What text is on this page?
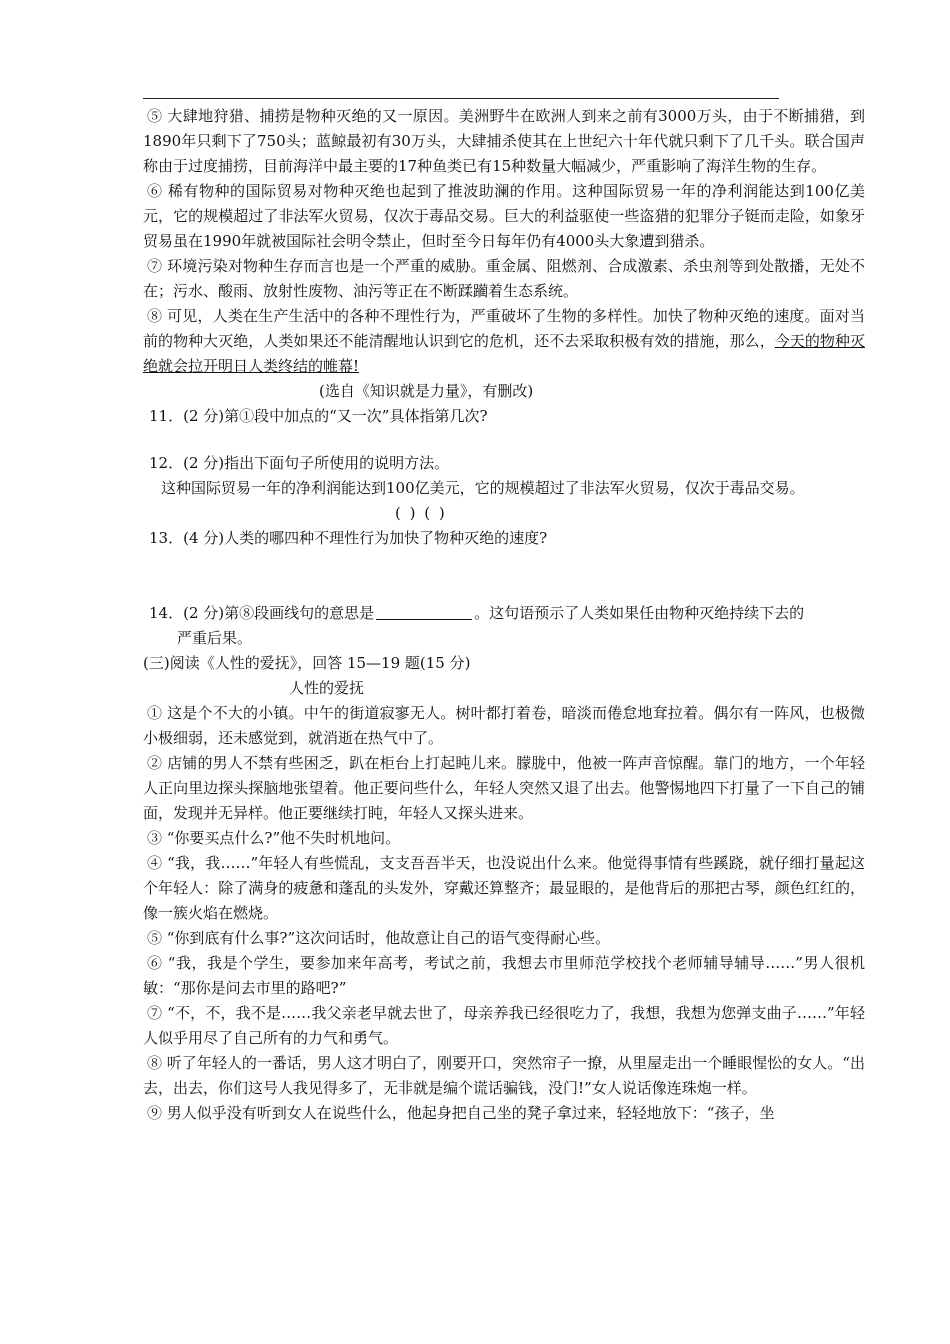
⑤ 大肆地狩猎、捕捞是物种灭绝的又一原因。美洲野牛在欧洲人到来之前有3000万头，由于不断捕猎，到1890年只剩下了750头；蓝鲸最初有30万头，大肆捕杀使其在上世纪六十年代就只剩下了几千头。联合国声称由于过度捕捞，目前海洋中最主要的17种鱼类已有15种数量大幅减少，严重影响了海洋生物的生存。

⑥ 稀有物种的国际贸易对物种灭绝也起到了推波助澜的作用。这种国际贸易一年的净利润能达到100亿美元，它的规模超过了非法军火贸易，仅次于毒品交易。巨大的利益驱使一些盗猎的犯罪分子铤而走险，如象牙贸易虽在1990年就被国际社会明令禁止，但时至今日每年仍有4000头大象遭到猎杀。

⑦ 环境污染对物种生存而言也是一个严重的威胁。重金属、阻燃剂、合成激素、杀虫剂等到处散播，无处不在；污水、酸雨、放射性废物、油污等正在不断蹂躏着生态系统。

⑧ 可见，人类在生产生活中的各种不理性行为，严重破坏了生物的多样性。加快了物种灭绝的速度。面对当前的物种大灭绝，人类如果还不能清醒地认识到它的危机，还不去采取积极有效的措施，那么，今天的物种灭绝就会拉开明日人类终结的帷幕!

(选自《知识就是力量》，有删改)

11．(2 分)第①段中加点的“又一次”具体指第几次?

12．(2 分)指出下面句子所使用的说明方法。

这种国际贸易一年的净利润能达到100亿美元，它的规模超过了非法军火贸易，仅次于毒品交易。

( ) ( )

13．(4 分)人类的哪四种不理性行为加快了物种灭绝的速度?

14．(2 分)第⑧段画线句的意思是	。这句语预示了人类如果任由物种灭绝持续下去的

严重后果。

(三)阅读《人性的爱抚》，回答 15—19 题(15 分)

人性的爱抚

① 这是个不大的小镇。中午的街道寂寥无人。树叶都打着卷，暗淡而倦怠地耷拉着。偶尔有一阵风，也极微小极细弱，还未感觉到，就消逝在热气中了。

② 店铺的男人不禁有些困乏，趴在柜台上打起盹儿来。朦胧中，他被一阵声音惊醒。靠门的地方，一个年轻人正向里边探头探脑地张望着。他正要问些什么，年轻人突然又退了出去。他警惕地四下打量了一下自己的铺面，发现并无异样。他正要继续打盹，年轻人又探头进来。

③ “你要买点什么?”他不失时机地问。

④ “我，我……”年轻人有些慌乱，支支吾吾半天，也没说出什么来。他觉得事情有些蹊跷，就仔细打量起这个年轻人：除了满身的疲惫和蓬乱的头发外，穿戴还算整齐；最显眼的，是他背后的那把古琴，颜色红红的，像一簇火焰在燃烧。

⑤ “你到底有什么事?”这次问话时，他故意让自己的语气变得耐心些。

⑥ “我，我是个学生，要参加来年高考，考试之前，我想去市里师范学校找个老师辅导辅导……”男人很机敏：“那你是问去市里的路吧?”

⑦ “不，不，我不是……我父亲老早就去世了，母亲养我已经很吃力了，我想，我想为您弹支曲子……”年轻人似乎用尽了自己所有的力气和勇气。

⑧ 听了年轻人的一番话，男人这才明白了，刚要开口，突然帘子一撩，从里屋走出一个睡眼惺忪的女人。“出去，出去，你们这号人我见得多了，无非就是编个谎话骗钱，没门!”女人说话像连珠炮一样。

⑨ 男人似乎没有听到女人在说些什么，他起身把自己坐的凳子拿过来，轻轻地放下：“孩子，坐
